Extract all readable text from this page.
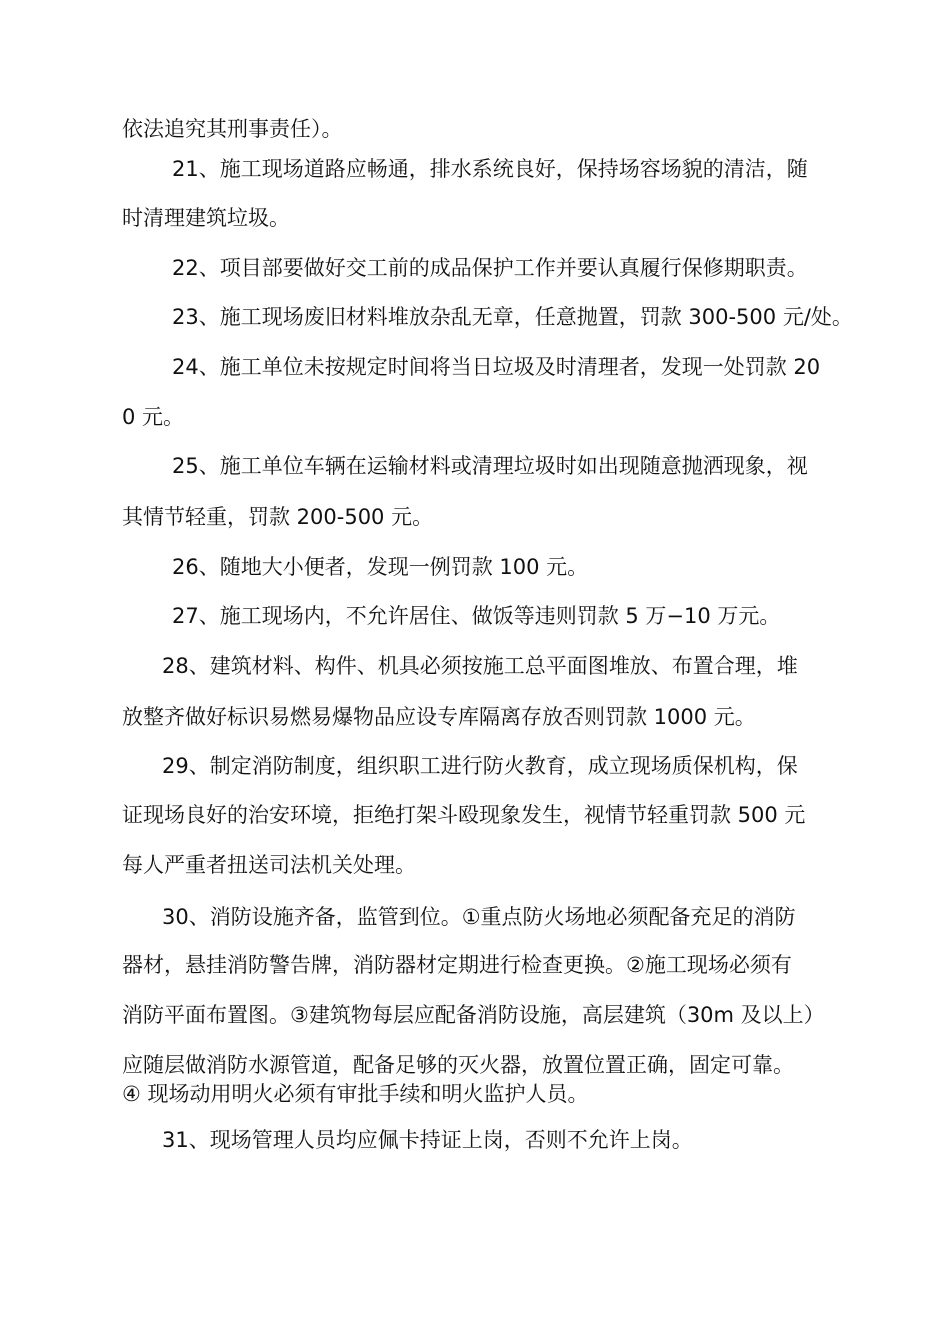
依法追究其刑事责任）。
21、施工现场道路应畅通，排水系统良好，保持场容场貌的清洁，随
时清理建筑垃圾。
22、项目部要做好交工前的成品保护工作并要认真履行保修期职责。
23、施工现场废旧材料堆放杂乱无章，任意抛置，罚款 300-500 元/处。
24、施工单位未按规定时间将当日垃圾及时清理者，发现一处罚款 20
0 元。
25、施工单位车辆在运输材料或清理垃圾时如出现随意抛洒现象，视
其情节轻重，罚款 200-500 元。
26、随地大小便者，发现一例罚款 100 元。
27、施工现场内，不允许居住、做饭等违则罚款 5 万−10 万元。
28、建筑材料、构件、机具必须按施工总平面图堆放、布置合理，堆
放整齐做好标识易燃易爆物品应设专库隔离存放否则罚款 1000 元。
29、制定消防制度，组织职工进行防火教育，成立现场质保机构，保
证现场良好的治安环境，拒绝打架斗殴现象发生，视情节轻重罚款 500 元
每人严重者扭送司法机关处理。
30、消防设施齐备，监管到位。①重点防火场地必须配备充足的消防
器材，悬挂消防警告牌，消防器材定期进行检查更换。②施工现场必须有
消防平面布置图。③建筑物每层应配备消防设施，高层建筑（30m 及以上）
应随层做消防水源管道，配备足够的灭火器，放置位置正确，固定可靠。
④ 现场动用明火必须有审批手续和明火监护人员。
31、现场管理人员均应佩卡持证上岗，否则不允许上岗。
